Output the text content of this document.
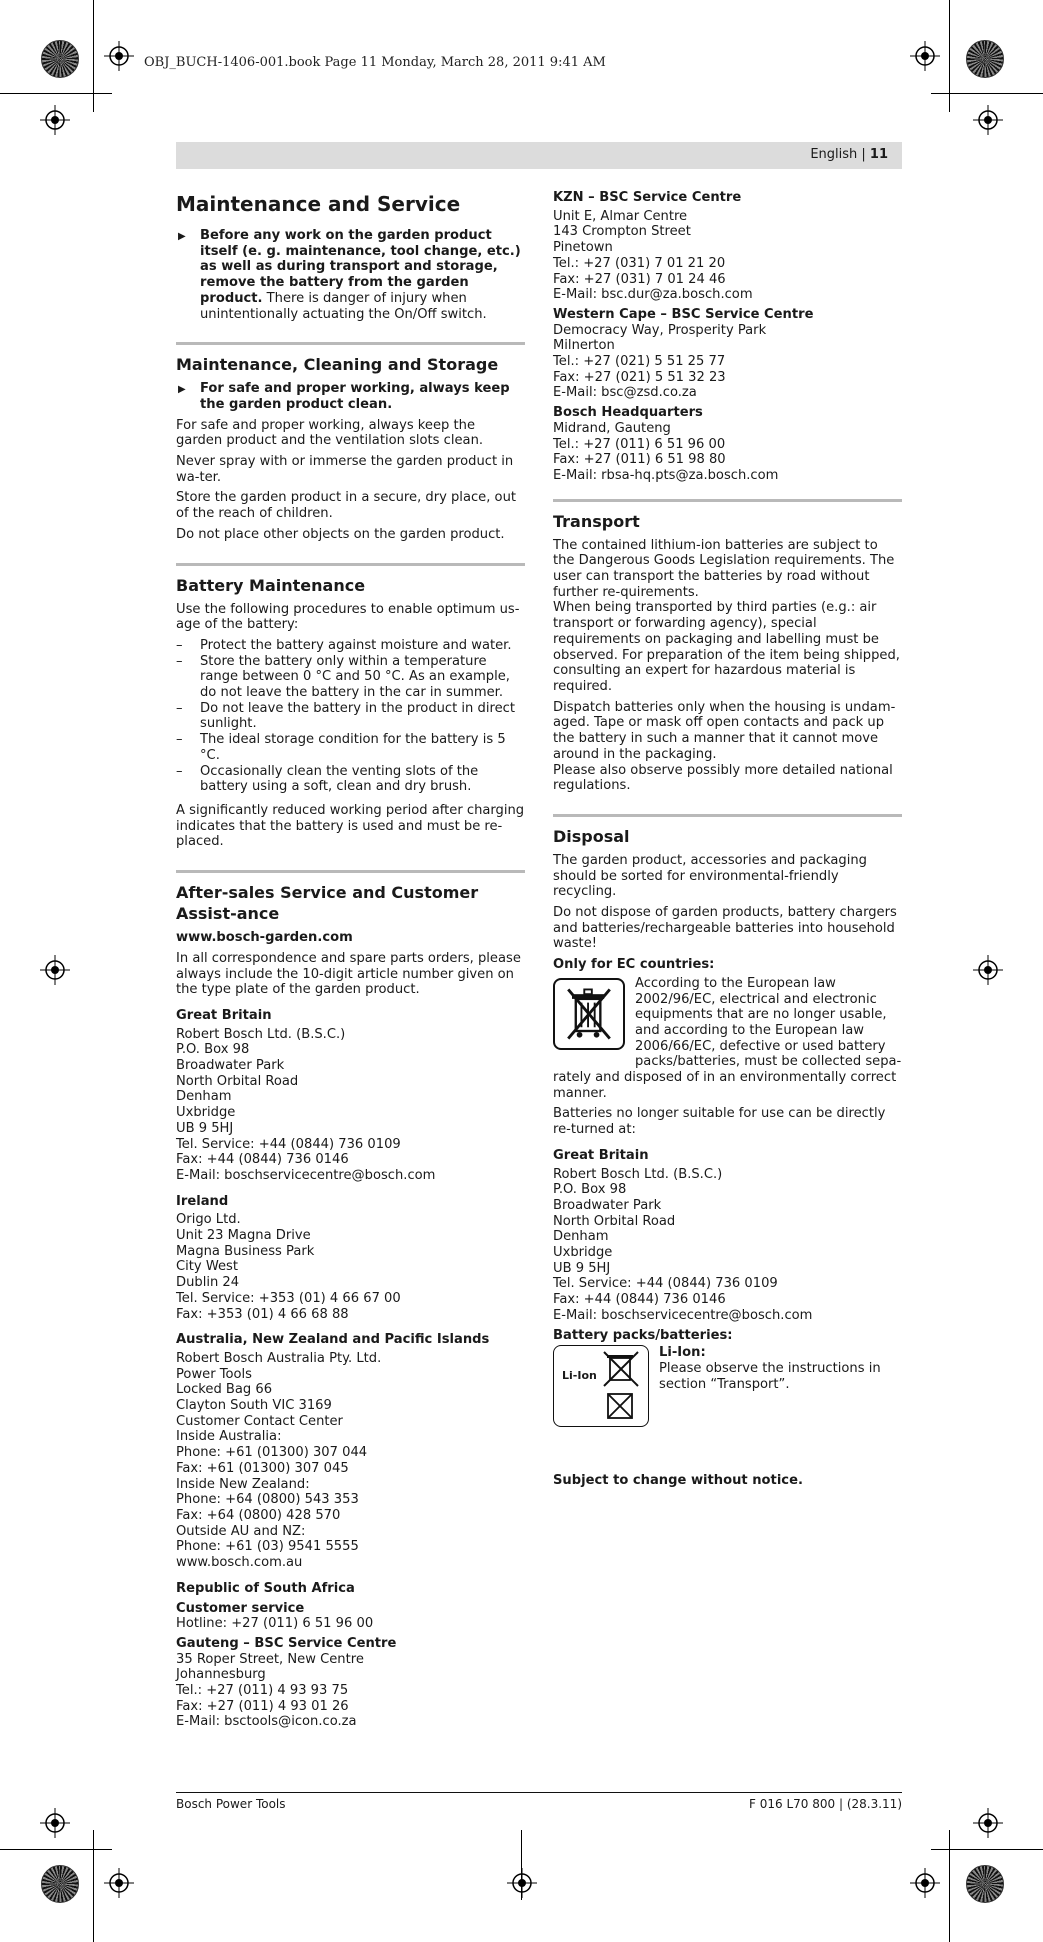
OBJ_BUCH-1406-001.book Page 11 Monday, March 28, 2011 9:41 AM
English | 11
Maintenance and Service
▶ Before any work on the garden product itself (e. g. maintenance, tool change, etc.) as well as during transport and storage, remove the battery from the garden product. There is danger of injury when unintentionally actuating the On/Off switch.
Maintenance, Cleaning and Storage
▶ For safe and proper working, always keep the garden product clean.

For safe and proper working, always keep the garden product and the ventilation slots clean.

Never spray with or immerse the garden product in wa-ter.

Store the garden product in a secure, dry place, out of the reach of children.

Do not place other objects on the garden product.

Battery Maintenance

Use the following procedures to enable optimum us-age of the battery:

– Protect the battery against moisture and water.
– Store the battery only within a temperature range between 0 °C and 50 °C. As an example, do not leave the battery in the car in summer.
– Do not leave the battery in the product in direct sunlight.
– The ideal storage condition for the battery is 5 °C.
– Occasionally clean the venting slots of the battery using a soft, clean and dry brush.

A significantly reduced working period after charging indicates that the battery is used and must be re-placed.

After-sales Service and Customer Assist-ance

www.bosch-garden.com

In all correspondence and spare parts orders, please always include the 10-digit article number given on the type plate of the garden product.

Great Britain
Robert Bosch Ltd. (B.S.C.)
P.O. Box 98
Broadwater Park
North Orbital Road
Denham
Uxbridge
UB 9 5HJ
Tel. Service: +44 (0844) 736 0109
Fax: +44 (0844) 736 0146
E-Mail: boschservicecentre@bosch.com
Ireland
Origo Ltd.
Unit 23 Magna Drive
Magna Business Park
City West
Dublin 24
Tel. Service: +353 (01) 4 66 67 00
Fax: +353 (01) 4 66 68 88
Australia, New Zealand and Pacific Islands
Robert Bosch Australia Pty. Ltd.
Power Tools
Locked Bag 66
Clayton South VIC 3169
Customer Contact Center
Inside Australia:
Phone: +61 (01300) 307 044
Fax: +61 (01300) 307 045
Inside New Zealand:
Phone: +64 (0800) 543 353
Fax: +64 (0800) 428 570
Outside AU and NZ:
Phone: +61 (03) 9541 5555
www.bosch.com.au
Republic of South Africa
Customer service
Hotline: +27 (011) 6 51 96 00
Gauteng – BSC Service Centre
35 Roper Street, New Centre
Johannesburg
Tel.: +27 (011) 4 93 93 75
Fax: +27 (011) 4 93 01 26
E-Mail: bsctools@icon.co.za
KZN – BSC Service Centre
Unit E, Almar Centre
143 Crompton Street
Pinetown
Tel.: +27 (031) 7 01 21 20
Fax: +27 (031) 7 01 24 46
E-Mail: bsc.dur@za.bosch.com
Western Cape – BSC Service Centre
Democracy Way, Prosperity Park
Milnerton
Tel.: +27 (021) 5 51 25 77
Fax: +27 (021) 5 51 32 23
E-Mail: bsc@zsd.co.za
Bosch Headquarters
Midrand, Gauteng
Tel.: +27 (011) 6 51 96 00
Fax: +27 (011) 6 51 98 80
E-Mail: rbsa-hq.pts@za.bosch.com
Transport

The contained lithium-ion batteries are subject to the Dangerous Goods Legislation requirements. The user can transport the batteries by road without further re-quirements.

When being transported by third parties (e.g.: air transport or forwarding agency), special requirements on packaging and labelling must be observed. For preparation of the item being shipped, consulting an expert for hazardous material is required.

Dispatch batteries only when the housing is undam-aged. Tape or mask off open contacts and pack up the battery in such a manner that it cannot move around in the packaging.

Please also observe possibly more detailed national regulations.

Disposal

The garden product, accessories and packaging should be sorted for environmental-friendly recycling.

Do not dispose of garden products, battery chargers and batteries/rechargeable batteries into household waste!

Only for EC countries:

According to the European law 2002/96/EC, electrical and electronic equipments that are no longer usable, and according to the European law 2006/66/EC, defective or used battery packs/batteries, must be collected sepa-

rately and disposed of in an environmentally correct manner.

Batteries no longer suitable for use can be directly re-turned at:

Great Britain
Robert Bosch Ltd. (B.S.C.)
P.O. Box 98
Broadwater Park
North Orbital Road
Denham
Uxbridge
UB 9 5HJ
Tel. Service: +44 (0844) 736 0109
Fax: +44 (0844) 736 0146
E-Mail: boschservicecentre@bosch.com
Battery packs/batteries:
Li-Ion
Li-Ion:
Please observe the instructions in section “Transport”.
Subject to change without notice.
Bosch Power Tools	F 016 L70 800 | (28.3.11)
